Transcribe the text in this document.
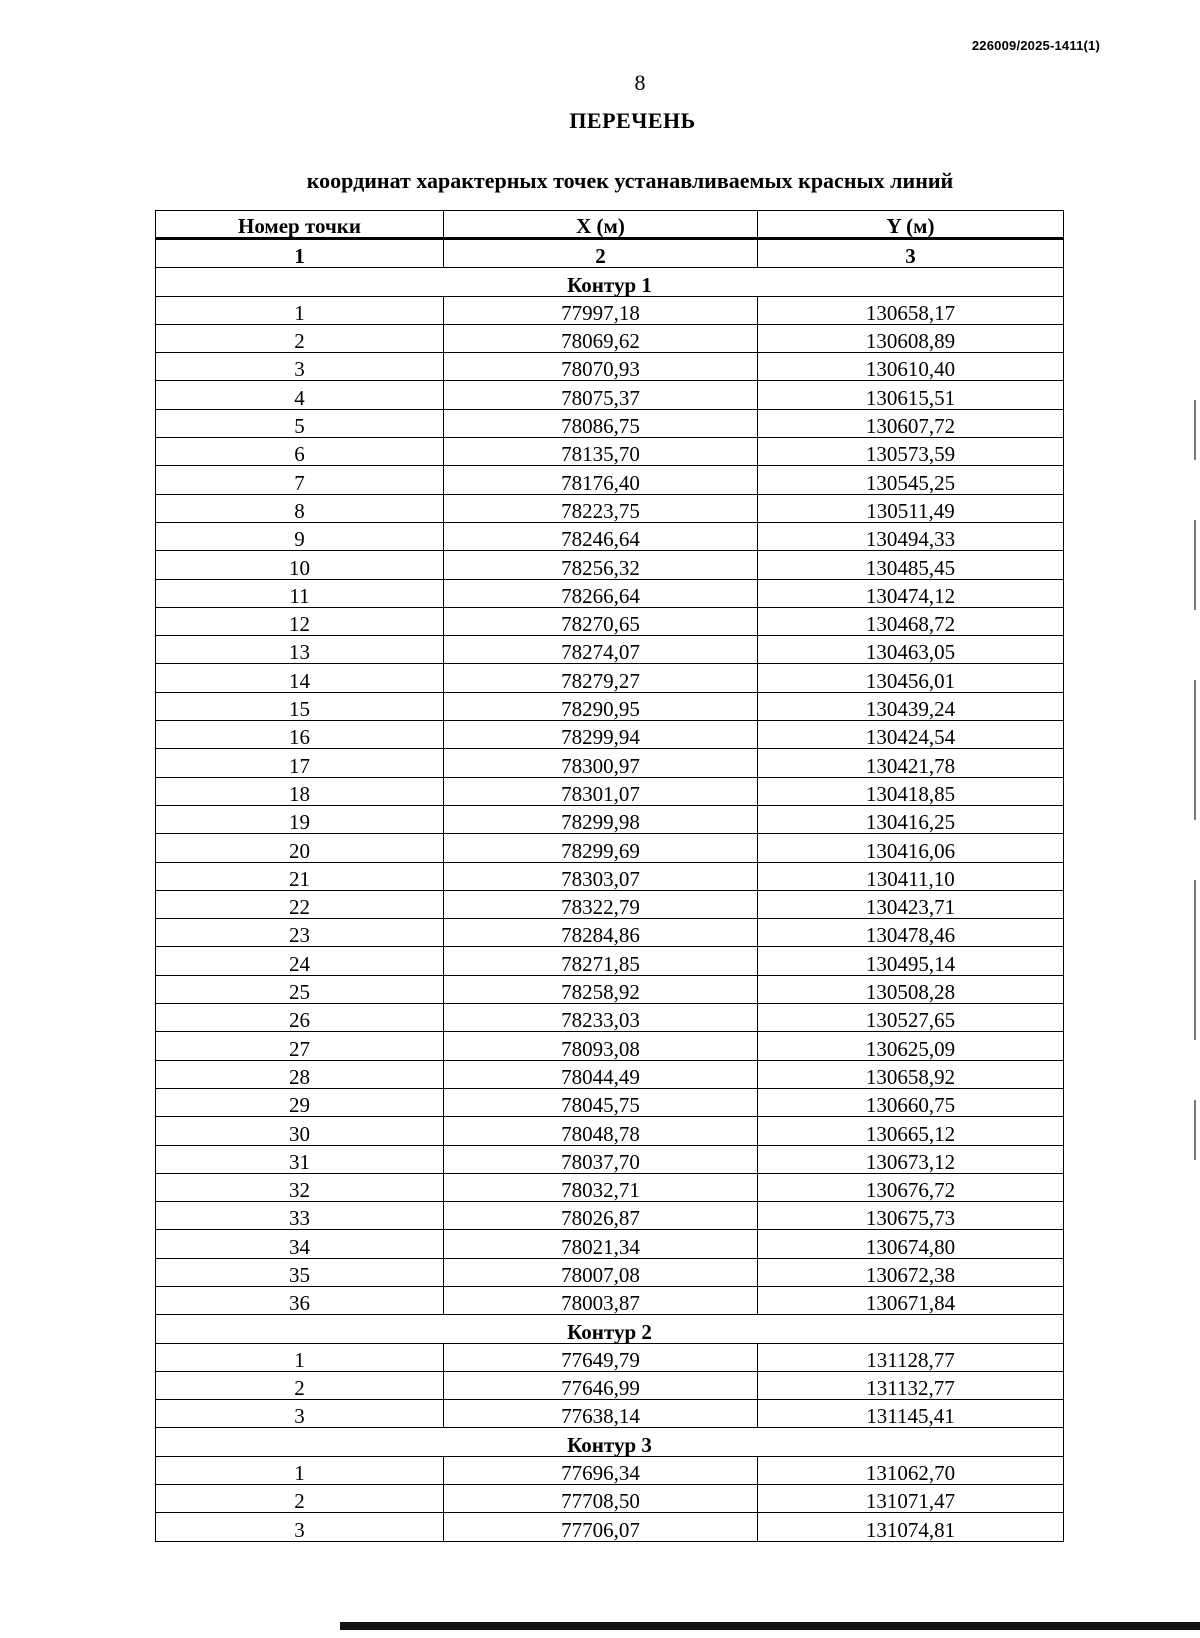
226009/2025-1411(1)
8
ПЕРЕЧЕНЬ
координат характерных точек устанавливаемых красных линий
Номер точки	X (м)	Y (м)
1	2	3
Контур 1		
1	77997,18	130658,17
2	78069,62	130608,89
3	78070,93	130610,40
4	78075,37	130615,51
5	78086,75	130607,72
6	78135,70	130573,59
7	78176,40	130545,25
8	78223,75	130511,49
9	78246,64	130494,33
10	78256,32	130485,45
11	78266,64	130474,12
12	78270,65	130468,72
13	78274,07	130463,05
14	78279,27	130456,01
15	78290,95	130439,24
16	78299,94	130424,54
17	78300,97	130421,78
18	78301,07	130418,85
19	78299,98	130416,25
20	78299,69	130416,06
21	78303,07	130411,10
22	78322,79	130423,71
23	78284,86	130478,46
24	78271,85	130495,14
25	78258,92	130508,28
26	78233,03	130527,65
27	78093,08	130625,09
28	78044,49	130658,92
29	78045,75	130660,75
30	78048,78	130665,12
31	78037,70	130673,12
32	78032,71	130676,72
33	78026,87	130675,73
34	78021,34	130674,80
35	78007,08	130672,38
36	78003,87	130671,84
Контур 2		
1	77649,79	131128,77
2	77646,99	131132,77
3	77638,14	131145,41
Контур 3		
1	77696,34	131062,70
2	77708,50	131071,47
3	77706,07	131074,81
